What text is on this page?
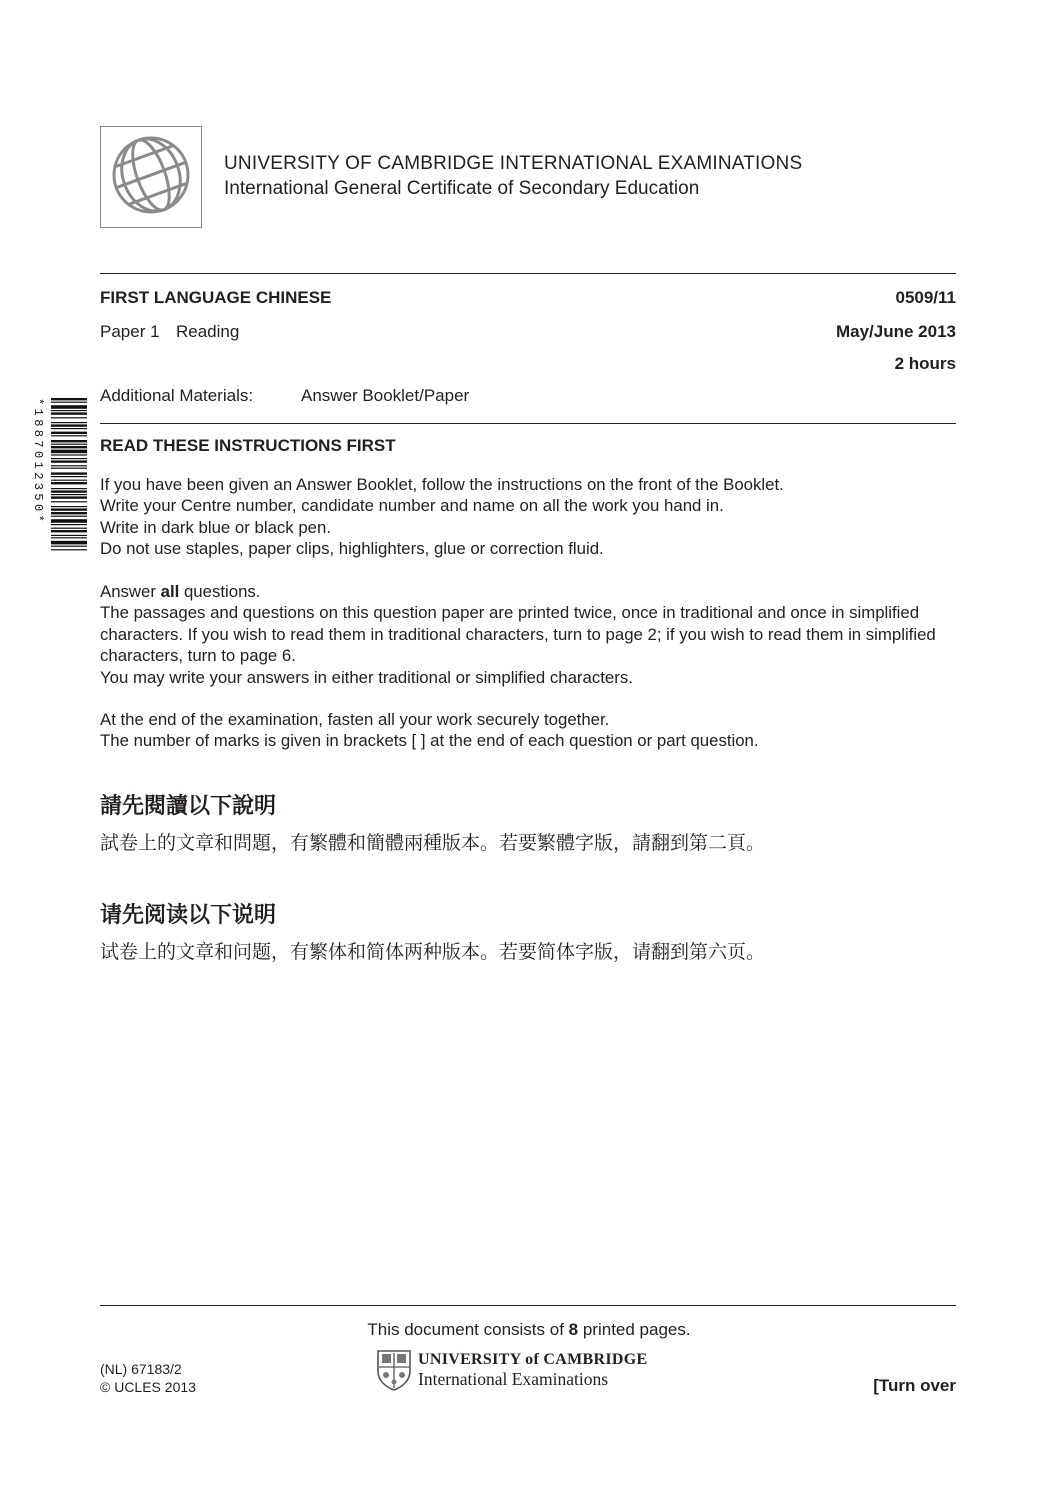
UNIVERSITY OF CAMBRIDGE INTERNATIONAL EXAMINATIONS
International General Certificate of Secondary Education
FIRST LANGUAGE CHINESE	0509/11
Paper 1 Reading	May/June 2013
2 hours
Additional Materials:	Answer Booklet/Paper
*1887012350*	READ THESE INSTRUCTIONS FIRST

If you have been given an Answer Booklet, follow the instructions on the front of the Booklet.

Write your Centre number, candidate number and name on all the work you hand in.

Write in dark blue or black pen.

Do not use staples, paper clips, highlighters, glue or correction fluid.

Answer all questions.

The passages and questions on this question paper are printed twice, once in traditional and once in simplified characters. If you wish to read them in traditional characters, turn to page 2; if you wish to read them in simplified characters, turn to page 6.

You may write your answers in either traditional or simplified characters.

At the end of the examination, fasten all your work securely together.

The number of marks is given in brackets [ ] at the end of each question or part question.

請先閱讀以下說明
試卷上的文章和問題，有繁體和簡體兩種版本。若要繁體字版，請翻到第二頁。
请先阅读以下说明
试卷上的文章和问题，有繁体和简体两种版本。若要简体字版，请翻到第六页。
This document consists of 8 printed pages.
(NL) 67183/2
© UCLES 2013
UNIVERSITY of CAMBRIDGE
International Examinations	[Turn over
